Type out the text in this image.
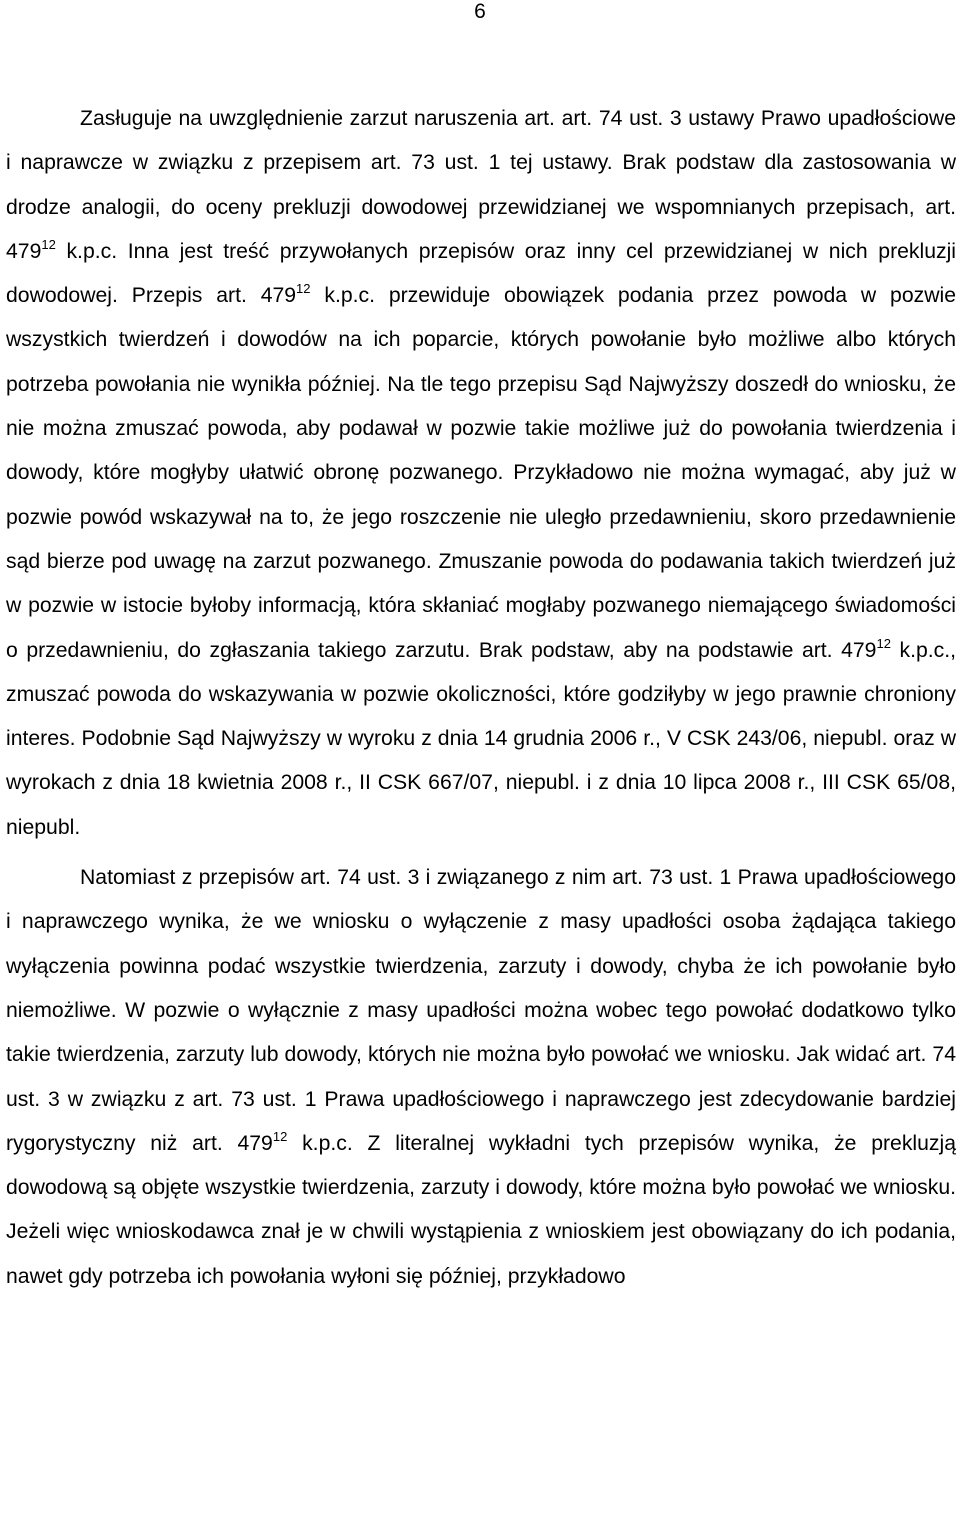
6

Zasługuje na uwzględnienie zarzut naruszenia art. art. 74 ust. 3 ustawy Prawo upadłościowe i naprawcze w związku z przepisem art. 73 ust. 1 tej ustawy. Brak podstaw dla zastosowania w drodze analogii, do oceny prekluzji dowodowej przewidzianej we wspomnianych przepisach, art. $479^{12}$ k.p.c. Inna jest treść przywołanych przepisów oraz inny cel przewidzianej w nich prekluzji dowodowej. Przepis art. $479^{12}$ k.p.c. przewiduje obowiązek podania przez powoda w pozwie wszystkich twierdzeń i dowodów na ich poparcie, których powołanie było możliwe albo których potrzeba powołania nie wynikła później. Na tle tego przepisu Sąd Najwyższy doszedł do wniosku, że nie można zmuszać powoda, aby podawał w pozwie takie możliwe już do powołania twierdzenia i dowody, które mogłyby ułatwić obronę pozwanego. Przykładowo nie można wymagać, aby już w pozwie powód wskazywał na to, że jego roszczenie nie uległo przedawnieniu, skoro przedawnienie sąd bierze pod uwagę na zarzut pozwanego. Zmuszanie powoda do podawania takich twierdzeń już w pozwie w istocie byłoby informacją, która skłaniać mogłaby pozwanego niemającego świadomości o przedawnieniu, do zgłaszania takiego zarzutu. Brak podstaw, aby na podstawie art. $479^{12}$ k.p.c., zmuszać powoda do wskazywania w pozwie okoliczności, które godziłyby w jego prawnie chroniony interes. Podobnie Sąd Najwyższy w wyroku z dnia 14 grudnia 2006 r., V CSK 243/06, niepubl. oraz w wyrokach z dnia 18 kwietnia 2008 r., II CSK 667/07, niepubl. i z dnia 10 lipca 2008 r., III CSK 65/08, niepubl.

Natomiast z przepisów art. 74 ust. 3 i związanego z nim art. 73 ust. 1 Prawa upadłościowego i naprawczego wynika, że we wniosku o wyłączenie z masy upadłości osoba żądająca takiego wyłączenia powinna podać wszystkie twierdzenia, zarzuty i dowody, chyba że ich powołanie było niemożliwe. W pozwie o wyłącznie z masy upadłości można wobec tego powołać dodatkowo tylko takie twierdzenia, zarzuty lub dowody, których nie można było powołać we wniosku. Jak widać art. 74 ust. 3 w związku z art. 73 ust. 1 Prawa upadłościowego i naprawczego jest zdecydowanie bardziej rygorystyczny niż art. $479^{12}$ k.p.c. Z literalnej wykładni tych przepisów wynika, że prekluzją dowodową są objęte wszystkie twierdzenia, zarzuty i dowody, które można było powołać we wniosku. Jeżeli więc wnioskodawca znał je w chwili wystąpienia z wnioskiem jest obowiązany do ich podania, nawet gdy potrzeba ich powołania wyłoni się później, przykładowo
